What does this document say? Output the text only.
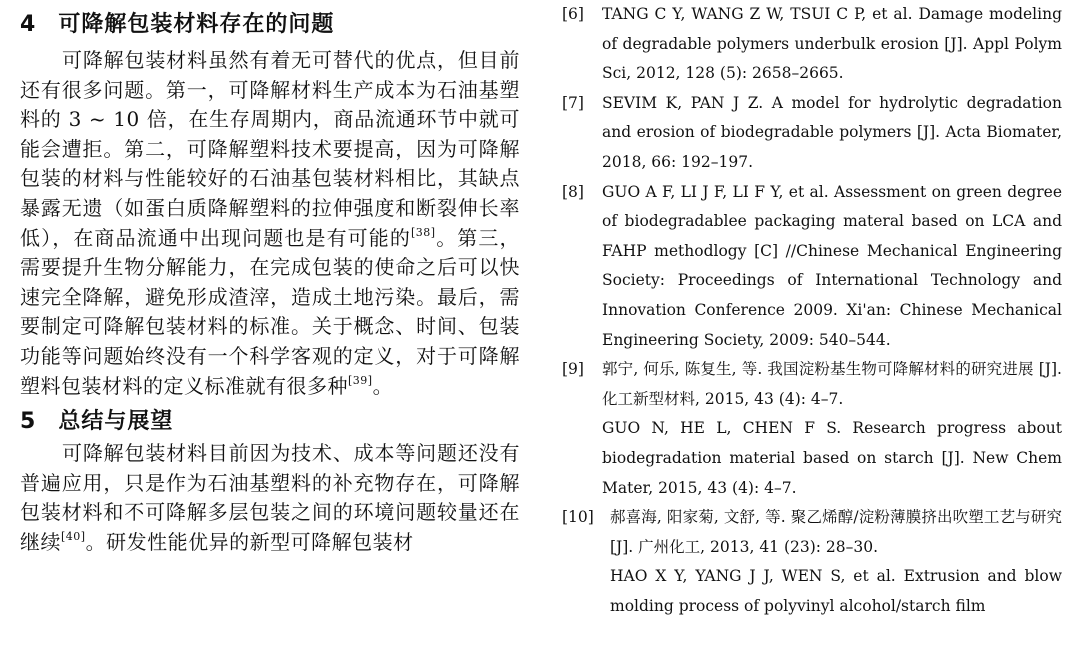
4 可降解包装材料存在的问题

可降解包装材料虽然有着无可替代的优点，但目前还有很多问题。第一，可降解材料生产成本为石油基塑料的 3 ~ 10 倍，在生存周期内，商品流通环节中就可能会遭拒。第二，可降解塑料技术要提高，因为可降解包装的材料与性能较好的石油基包装材料相比，其缺点暴露无遗（如蛋白质降解塑料的拉伸强度和断裂伸长率低），在商品流通中出现问题也是有可能的[38]。第三，需要提升生物分解能力，在完成包装的使命之后可以快速完全降解，避免形成渣滓，造成土地污染。最后，需要制定可降解包装材料的标准。关于概念、时间、包装功能等问题始终没有一个科学客观的定义，对于可降解塑料包装材料的定义标准就有很多种[39]。

5 总结与展望

可降解包装材料目前因为技术、成本等问题还没有普遍应用，只是作为石油基塑料的补充物存在，可降解包装材料和不可降解多层包装之间的环境问题较量还在继续[40]。研发性能优异的新型可降解包装材

[6] TANG C Y, WANG Z W, TSUI C P, et al. Damage modeling of degradable polymers underbulk erosion [J]. Appl Polym Sci, 2012, 128 (5): 2658–2665.

[7] SEVIM K, PAN J Z. A model for hydrolytic degradation and erosion of biodegradable polymers [J]. Acta Biomater, 2018, 66: 192–197.

[8] GUO A F, LI J F, LI F Y, et al. Assessment on green degree of biodegradablee packaging materal based on LCA and FAHP methodlogy [C] //Chinese Mechanical Engineering Society: Proceedings of International Technology and Innovation Conference 2009. Xi'an: Chinese Mechanical Engineering Society, 2009: 540–544.

[9] 郭宁, 何乐, 陈复生, 等. 我国淀粉基生物可降解材料的研究进展 [J]. 化工新型材料, 2015, 43 (4): 4–7.

GUO N, HE L, CHEN F S. Research progress about biodegradation material based on starch [J]. New Chem Mater, 2015, 43 (4): 4–7.

[10] 郝喜海, 阳家菊, 文舒, 等. 聚乙烯醇/淀粉薄膜挤出吹塑工艺与研究 [J]. 广州化工, 2013, 41 (23): 28–30.

HAO X Y, YANG J J, WEN S, et al. Extrusion and blow molding process of polyvinyl alcohol/starch film
